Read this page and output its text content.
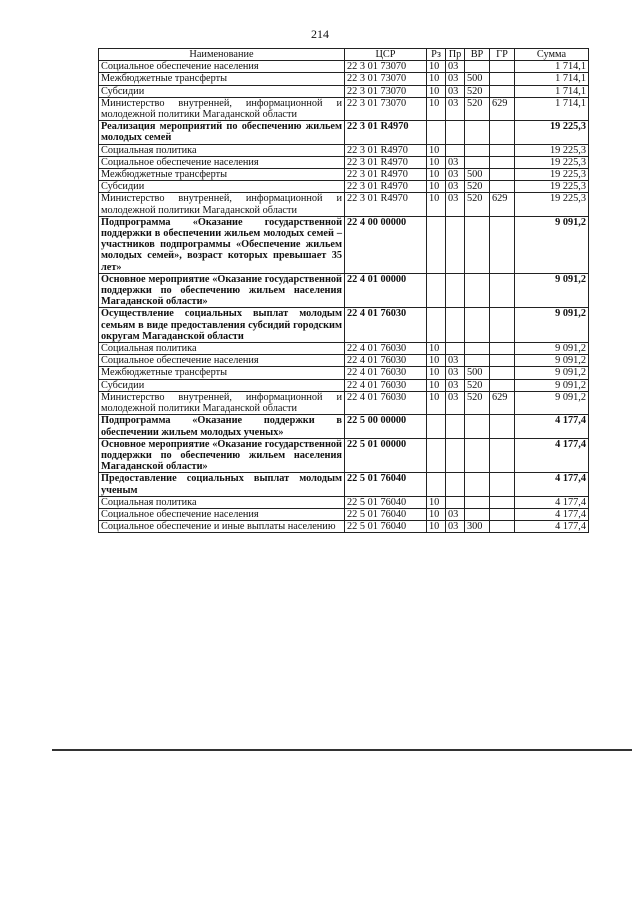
214
Наименование	ЦСР	Рз	Пр	ВР	ГР	Сумма
Социальное обеспечение населения	22 3 01 73070	10	03			1 714,1
Межбюджетные трансферты	22 3 01 73070	10	03	500		1 714,1
Субсидии	22 3 01 73070	10	03	520		1 714,1
Министерство внутренней, информационной и молодежной политики Магаданской области	22 3 01 73070	10	03	520	629	1 714,1
Реализация мероприятий по обеспечению жильем молодых семей	22 3 01 R4970					19 225,3
Социальная политика	22 3 01 R4970	10				19 225,3
Социальное обеспечение населения	22 3 01 R4970	10	03			19 225,3
Межбюджетные трансферты	22 3 01 R4970	10	03	500		19 225,3
Субсидии	22 3 01 R4970	10	03	520		19 225,3
Министерство внутренней, информационной и молодежной политики Магаданской области	22 3 01 R4970	10	03	520	629	19 225,3
Подпрограмма «Оказание государственной поддержки в обеспечении жильем молодых семей – участников подпрограммы «Обеспечение жильем молодых семей», возраст которых превышает 35 лет»	22 4 00 00000					9 091,2
Основное мероприятие «Оказание государственной поддержки по обеспечению жильем населения Магаданской области»	22 4 01 00000					9 091,2
Осуществление социальных выплат молодым семьям в виде предоставления субсидий городским округам Магаданской области	22 4 01 76030					9 091,2
Социальная политика	22 4 01 76030	10				9 091,2
Социальное обеспечение населения	22 4 01 76030	10	03			9 091,2
Межбюджетные трансферты	22 4 01 76030	10	03	500		9 091,2
Субсидии	22 4 01 76030	10	03	520		9 091,2
Министерство внутренней, информационной и молодежной политики Магаданской области	22 4 01 76030	10	03	520	629	9 091,2
Подпрограмма «Оказание поддержки в обеспечении жильем молодых ученых»	22 5 00 00000					4 177,4
Основное мероприятие «Оказание государственной поддержки по обеспечению жильем населения Магаданской области»	22 5 01 00000					4 177,4
Предоставление социальных выплат молодым ученым	22 5 01 76040					4 177,4
Социальная политика	22 5 01 76040	10				4 177,4
Социальное обеспечение населения	22 5 01 76040	10	03			4 177,4
Социальное обеспечение и иные выплаты населению	22 5 01 76040	10	03	300		4 177,4
